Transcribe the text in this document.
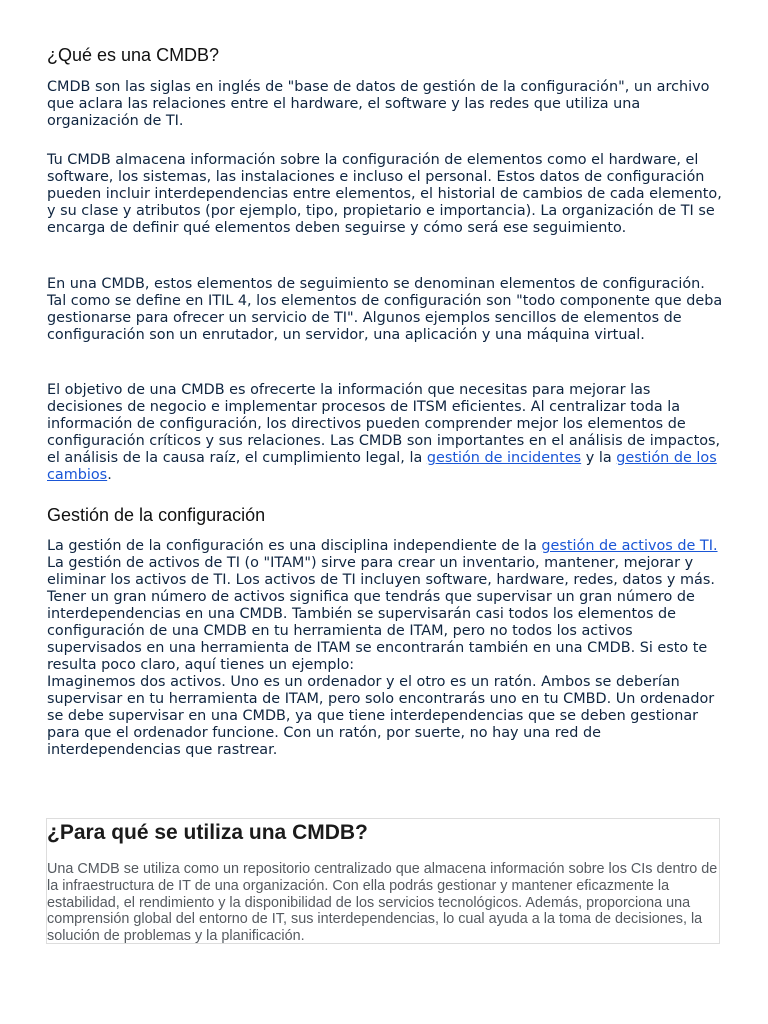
¿Qué es una CMDB?

CMDB son las siglas en inglés de "base de datos de gestión de la configuración", un archivo que aclara las relaciones entre el hardware, el software y las redes que utiliza una organización de TI.

Tu CMDB almacena información sobre la configuración de elementos como el hardware, el software, los sistemas, las instalaciones e incluso el personal. Estos datos de configuración pueden incluir interdependencias entre elementos, el historial de cambios de cada elemento, y su clase y atributos (por ejemplo, tipo, propietario e importancia). La organización de TI se encarga de definir qué elementos deben seguirse y cómo será ese seguimiento.

En una CMDB, estos elementos de seguimiento se denominan elementos de configuración. Tal como se define en ITIL 4, los elementos de configuración son "todo componente que deba gestionarse para ofrecer un servicio de TI". Algunos ejemplos sencillos de elementos de configuración son un enrutador, un servidor, una aplicación y una máquina virtual.

El objetivo de una CMDB es ofrecerte la información que necesitas para mejorar las decisiones de negocio e implementar procesos de ITSM eficientes. Al centralizar toda la información de configuración, los directivos pueden comprender mejor los elementos de configuración críticos y sus relaciones. Las CMDB son importantes en el análisis de impactos, el análisis de la causa raíz, el cumplimiento legal, la gestión de incidentes y la gestión de los cambios.

Gestión de la configuración

La gestión de la configuración es una disciplina independiente de la gestión de activos de TI. La gestión de activos de TI (o "ITAM") sirve para crear un inventario, mantener, mejorar y eliminar los activos de TI. Los activos de TI incluyen software, hardware, redes, datos y más. Tener un gran número de activos significa que tendrás que supervisar un gran número de interdependencias en una CMDB. También se supervisarán casi todos los elementos de configuración de una CMDB en tu herramienta de ITAM, pero no todos los activos supervisados en una herramienta de ITAM se encontrarán también en una CMDB. Si esto te resulta poco claro, aquí tienes un ejemplo:
Imaginemos dos activos. Uno es un ordenador y el otro es un ratón. Ambos se deberían supervisar en tu herramienta de ITAM, pero solo encontrarás uno en tu CMBD. Un ordenador se debe supervisar en una CMDB, ya que tiene interdependencias que se deben gestionar para que el ordenador funcione. Con un ratón, por suerte, no hay una red de interdependencias que rastrear.

¿Para qué se utiliza una CMDB?

Una CMDB se utiliza como un repositorio centralizado que almacena información sobre los CIs dentro de la infraestructura de IT de una organización. Con ella podrás gestionar y mantener eficazmente la estabilidad, el rendimiento y la disponibilidad de los servicios tecnológicos. Además, proporciona una comprensión global del entorno de IT, sus interdependencias, lo cual ayuda a la toma de decisiones, la solución de problemas y la planificación.
